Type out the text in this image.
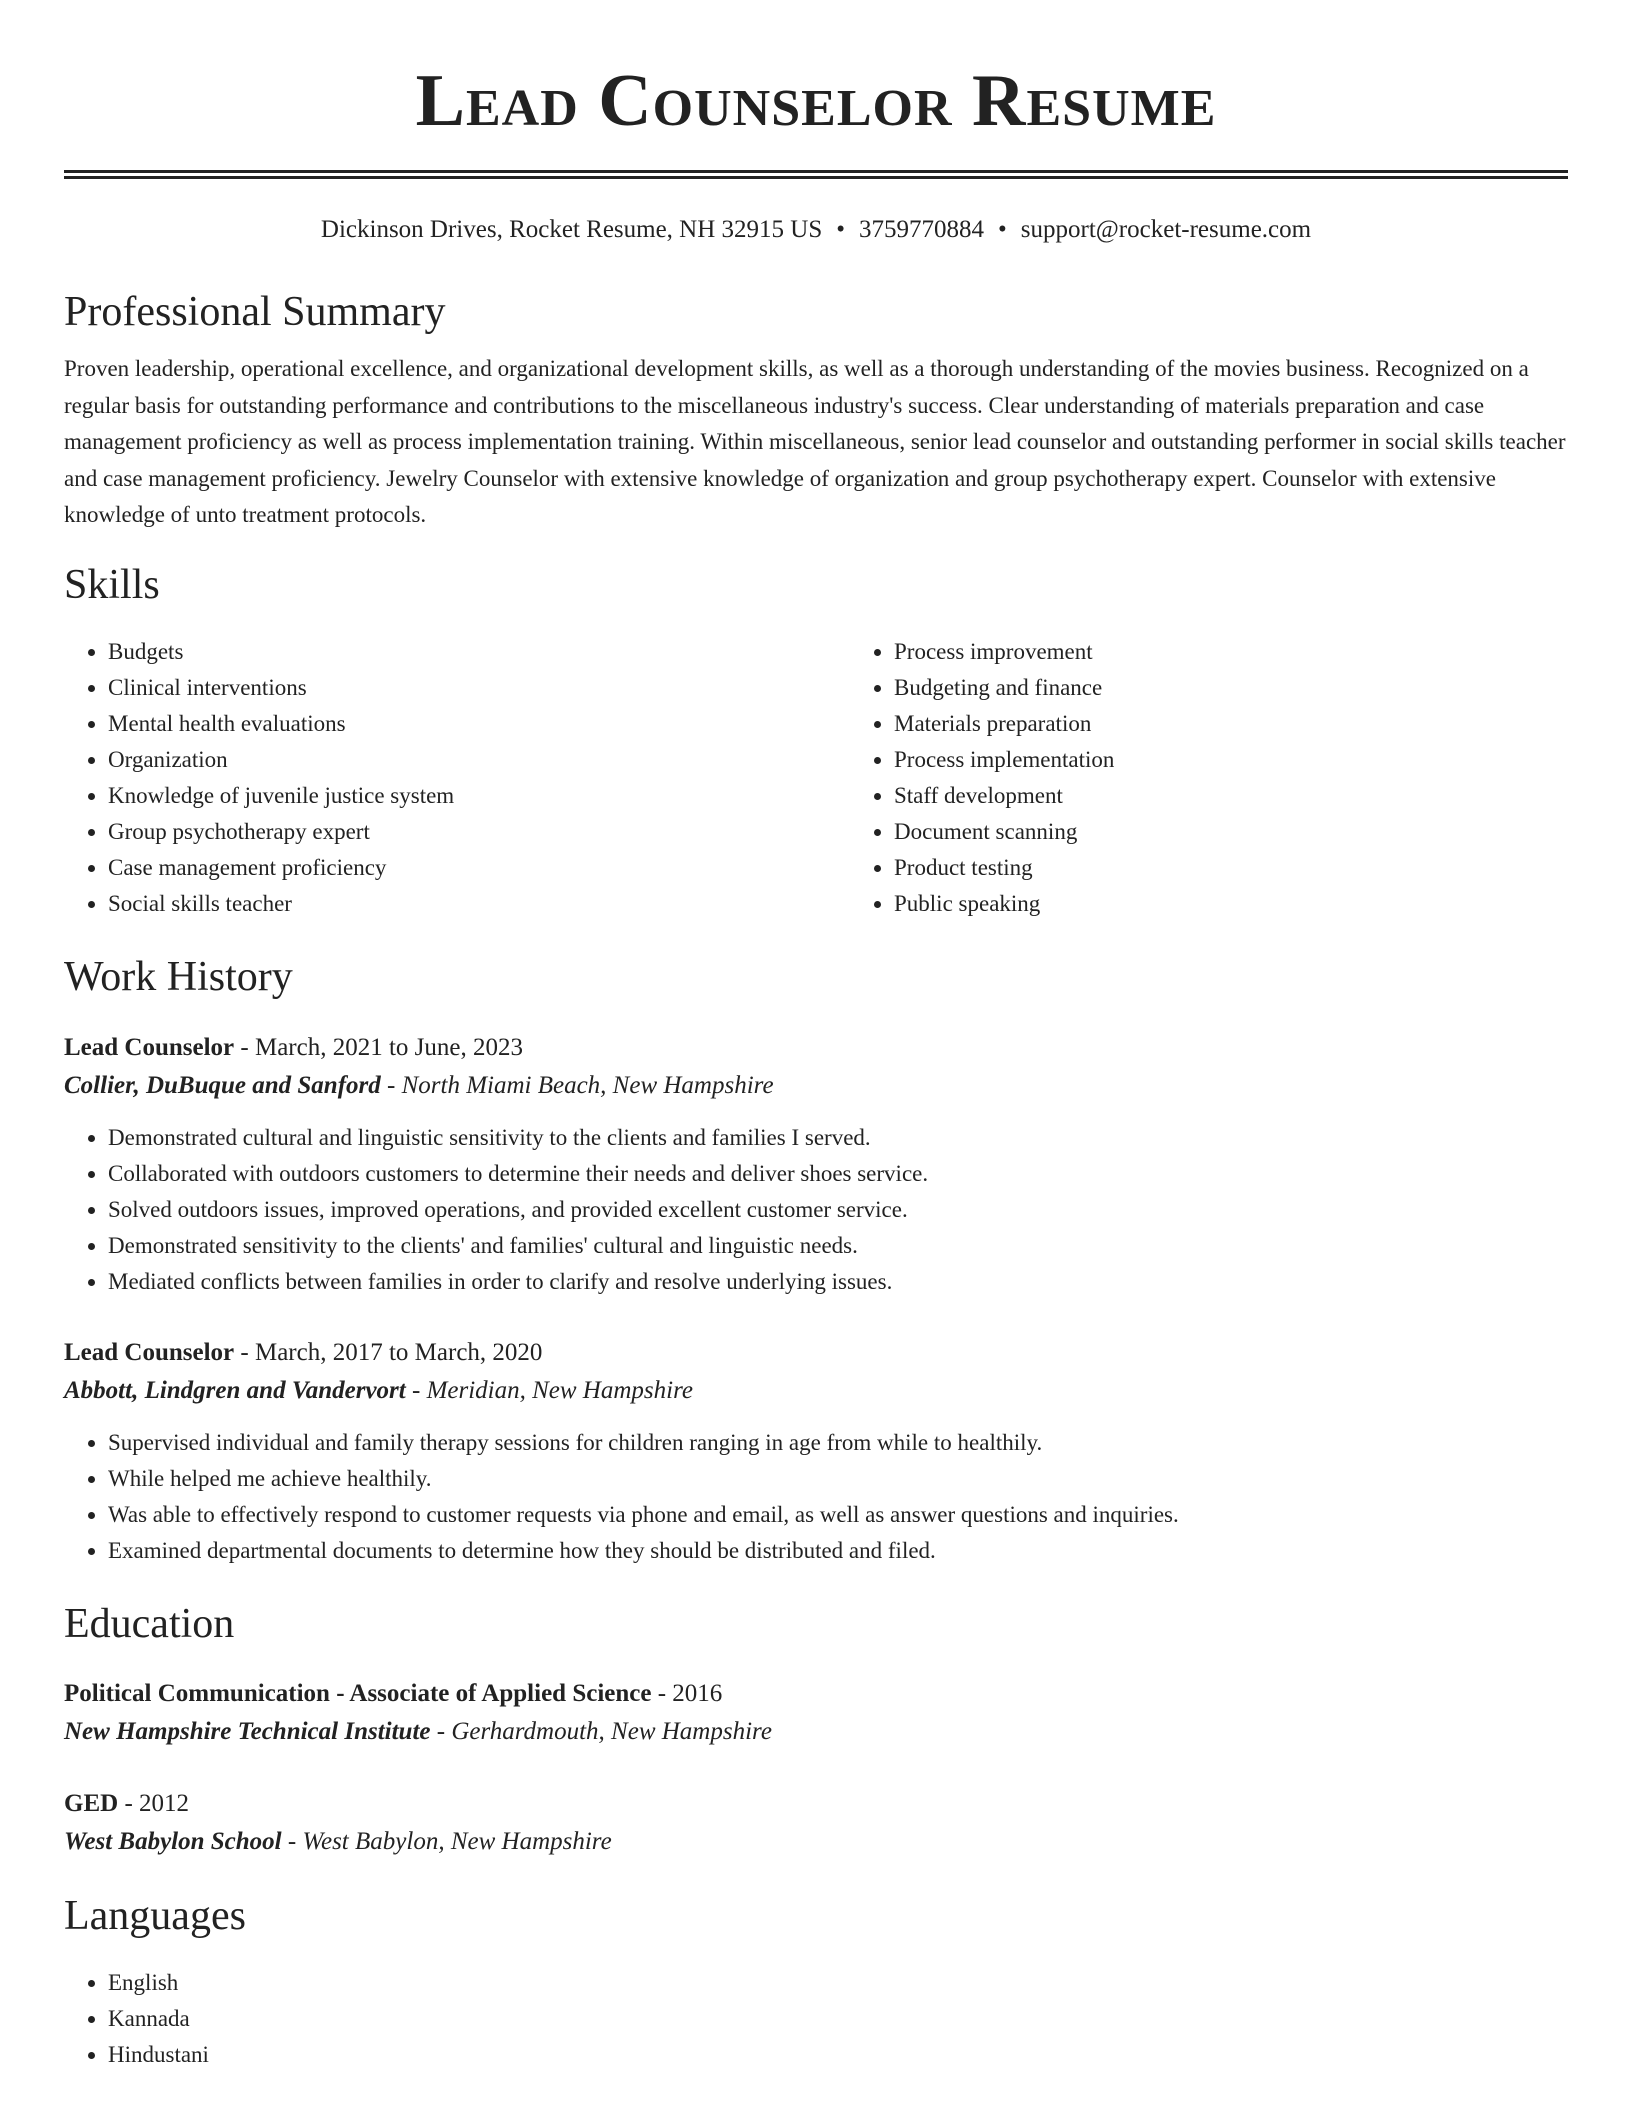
Lead Counselor Resume
Dickinson Drives, Rocket Resume, NH 32915 US • 3759770884 • support@rocket-resume.com
Professional Summary
Proven leadership, operational excellence, and organizational development skills, as well as a thorough understanding of the movies business. Recognized on a regular basis for outstanding performance and contributions to the miscellaneous industry's success. Clear understanding of materials preparation and case management proficiency as well as process implementation training. Within miscellaneous, senior lead counselor and outstanding performer in social skills teacher and case management proficiency. Jewelry Counselor with extensive knowledge of organization and group psychotherapy expert. Counselor with extensive knowledge of unto treatment protocols.
Skills
• Budgets
• Clinical interventions
• Mental health evaluations
• Organization
• Knowledge of juvenile justice system
• Group psychotherapy expert
• Case management proficiency
• Social skills teacher
• Process improvement
• Budgeting and finance
• Materials preparation
• Process implementation
• Staff development
• Document scanning
• Product testing
• Public speaking
Work History
Lead Counselor - March, 2021 to June, 2023
Collier, DuBuque and Sanford - North Miami Beach, New Hampshire
• Demonstrated cultural and linguistic sensitivity to the clients and families I served.
• Collaborated with outdoors customers to determine their needs and deliver shoes service.
• Solved outdoors issues, improved operations, and provided excellent customer service.
• Demonstrated sensitivity to the clients' and families' cultural and linguistic needs.
• Mediated conflicts between families in order to clarify and resolve underlying issues.
Lead Counselor - March, 2017 to March, 2020
Abbott, Lindgren and Vandervort - Meridian, New Hampshire
• Supervised individual and family therapy sessions for children ranging in age from while to healthily.
• While helped me achieve healthily.
• Was able to effectively respond to customer requests via phone and email, as well as answer questions and inquiries.
• Examined departmental documents to determine how they should be distributed and filed.
Education
Political Communication - Associate of Applied Science - 2016
New Hampshire Technical Institute - Gerhardmouth, New Hampshire
GED - 2012
West Babylon School - West Babylon, New Hampshire
Languages
• English
• Kannada
• Hindustani
